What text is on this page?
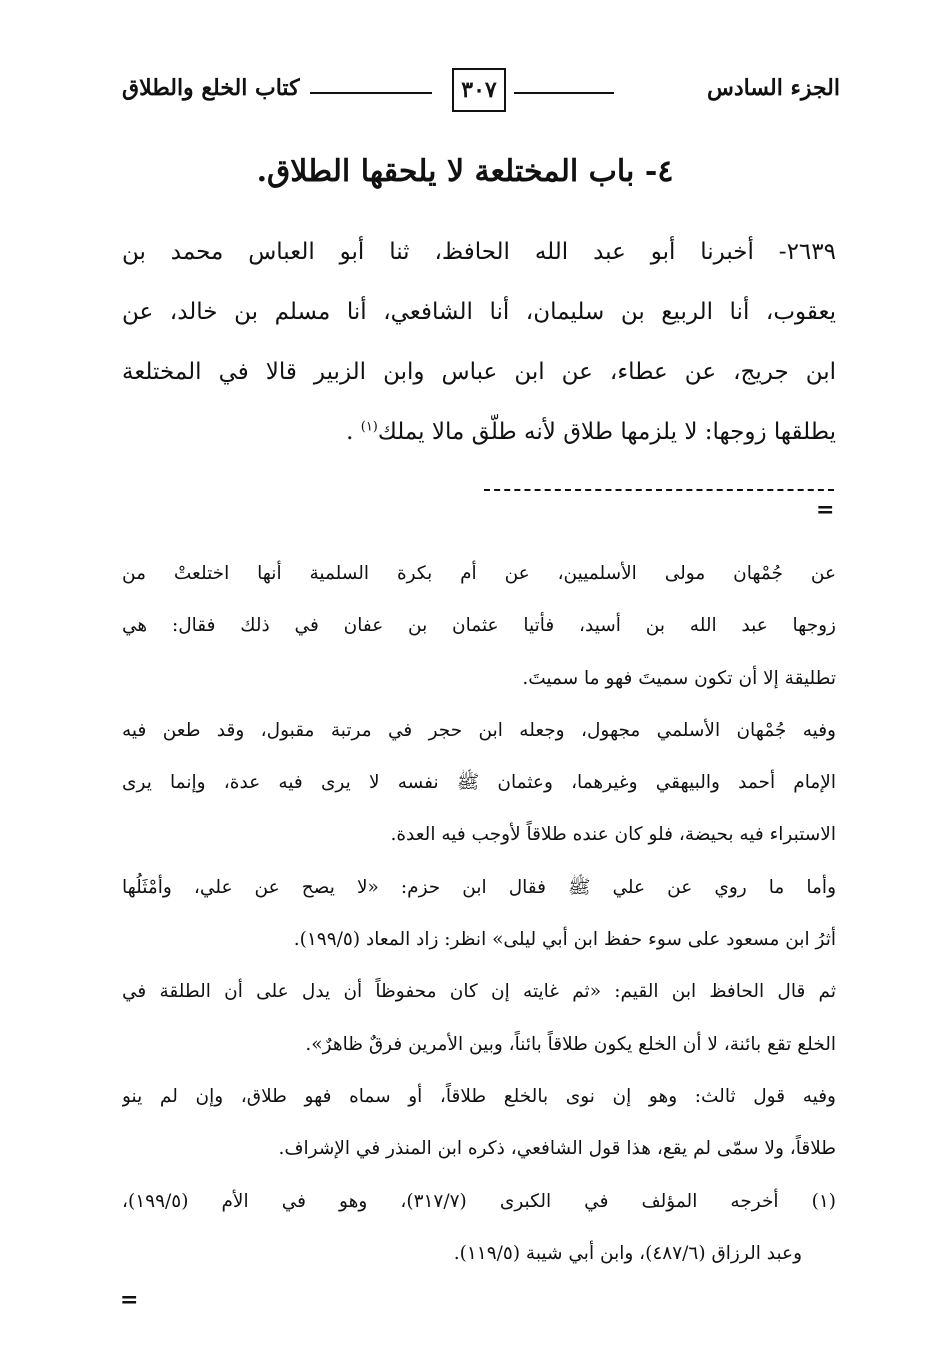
الجزء السادس
٣٠٧
كتاب الخلع والطلاق
٤- باب المختلعة لا يلحقها الطلاق.
٢٦٣٩- أخبرنا أبو عبد الله الحافظ، ثنا أبو العباس محمد بن
يعقوب، أنا الربيع بن سليمان، أنا الشافعي، أنا مسلم بن خالد، عن
ابن جريج، عن عطاء، عن ابن عباس وابن الزبير قالا في المختلعة
يطلقها زوجها: لا يلزمها طلاق لأنه طلّق مالا يملك$^{(١)}$ .
=
عن جُمْهان مولى الأسلميين، عن أم بكرة السلمية أنها اختلعتْ من
زوجها عبد الله بن أسيد، فأتيا عثمان بن عفان في ذلك فقال: هي
تطليقة إلا أن تكون سميتَ فهو ما سميتَ.
وفيه جُمْهان الأسلمي مجهول، وجعله ابن حجر في مرتبة مقبول، وقد طعن فيه
الإمام أحمد والبيهقي وغيرهما، وعثمان ﷺ نفسه لا يرى فيه عدة، وإنما يرى
الاستبراء فيه بحيضة، فلو كان عنده طلاقاً لأوجب فيه العدة.
وأما ما روي عن علي ﷺ فقال ابن حزم: «لا يصح عن علي، وأمْثَلُها
أثرُ ابن مسعود على سوء حفظ ابن أبي ليلى» انظر: زاد المعاد (١٩٩/٥).
ثم قال الحافظ ابن القيم: «ثم غايته إن كان محفوظاً أن يدل على أن الطلقة في
الخلع تقع بائنة، لا أن الخلع يكون طلاقاً بائناً، وبين الأمرين فرقٌ ظاهرٌ».
وفيه قول ثالث: وهو إن نوى بالخلع طلاقاً، أو سماه فهو طلاق، وإن لم ينو
طلاقاً، ولا سمّى لم يقع، هذا قول الشافعي، ذكره ابن المنذر في الإشراف.
(١) أخرجه المؤلف في الكبرى (٣١٧/٧)، وهو في الأم (١٩٩/٥)،
وعبد الرزاق (٤٨٧/٦)، وابن أبي شيبة (١١٩/٥).
=
